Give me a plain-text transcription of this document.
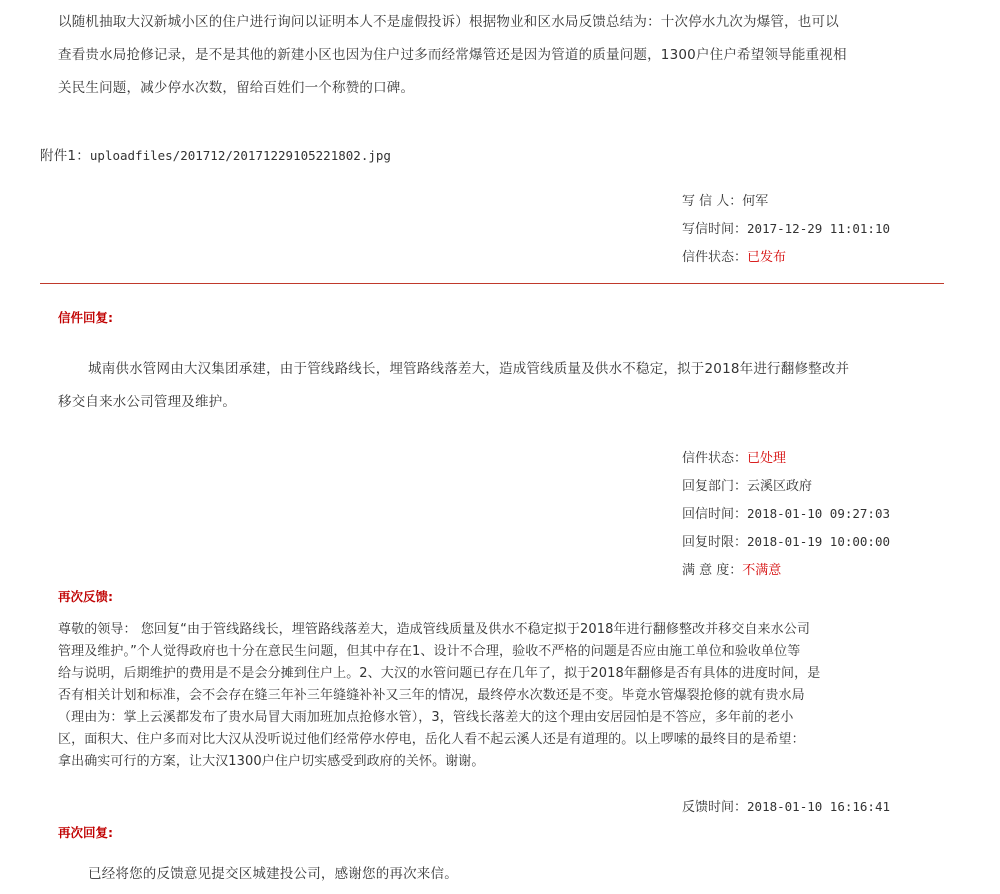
以随机抽取大汉新城小区的住户进行询问以证明本人不是虚假投诉）根据物业和区水局反馈总结为：十次停水九次为爆管，也可以
查看贵水局抢修记录，是不是其他的新建小区也因为住户过多而经常爆管还是因为管道的质量问题，1300户住户希望领导能重视相
关民生问题，减少停水次数，留给百姓们一个称赞的口碑。
附件1：uploadfiles/201712/20171229105221802.jpg
写 信 人：何军
写信时间：2017-12-29 11:01:10
信件状态：已发布
信件回复:
城南供水管网由大汉集团承建，由于管线路线长，埋管路线落差大，造成管线质量及供水不稳定，拟于2018年进行翻修整改并
移交自来水公司管理及维护。
信件状态：已处理
回复部门：云溪区政府
回信时间：2018-01-10 09:27:03
回复时限：2018-01-19 10:00:00
满 意 度：不满意
再次反馈:
尊敬的领导： 您回复“由于管线路线长，埋管路线落差大，造成管线质量及供水不稳定拟于2018年进行翻修整改并移交自来水公司
管理及维护。”个人觉得政府也十分在意民生问题，但其中存在1、设计不合理，验收不严格的问题是否应由施工单位和验收单位等
给与说明，后期维护的费用是不是会分摊到住户上。2、大汉的水管问题已存在几年了，拟于2018年翻修是否有具体的进度时间，是
否有相关计划和标准，会不会存在缝三年补三年缝缝补补又三年的情况，最终停水次数还是不变。毕竟水管爆裂抢修的就有贵水局
（理由为：掌上云溪都发布了贵水局冒大雨加班加点抢修水管），3，管线长落差大的这个理由安居园怕是不答应，多年前的老小
区，面积大、住户多而对比大汉从没听说过他们经常停水停电，岳化人看不起云溪人还是有道理的。以上啰嗦的最终目的是希望：
拿出确实可行的方案，让大汉1300户住户切实感受到政府的关怀。谢谢。
反馈时间：2018-01-10 16:16:41
再次回复:
已经将您的反馈意见提交区城建投公司，感谢您的再次来信。
